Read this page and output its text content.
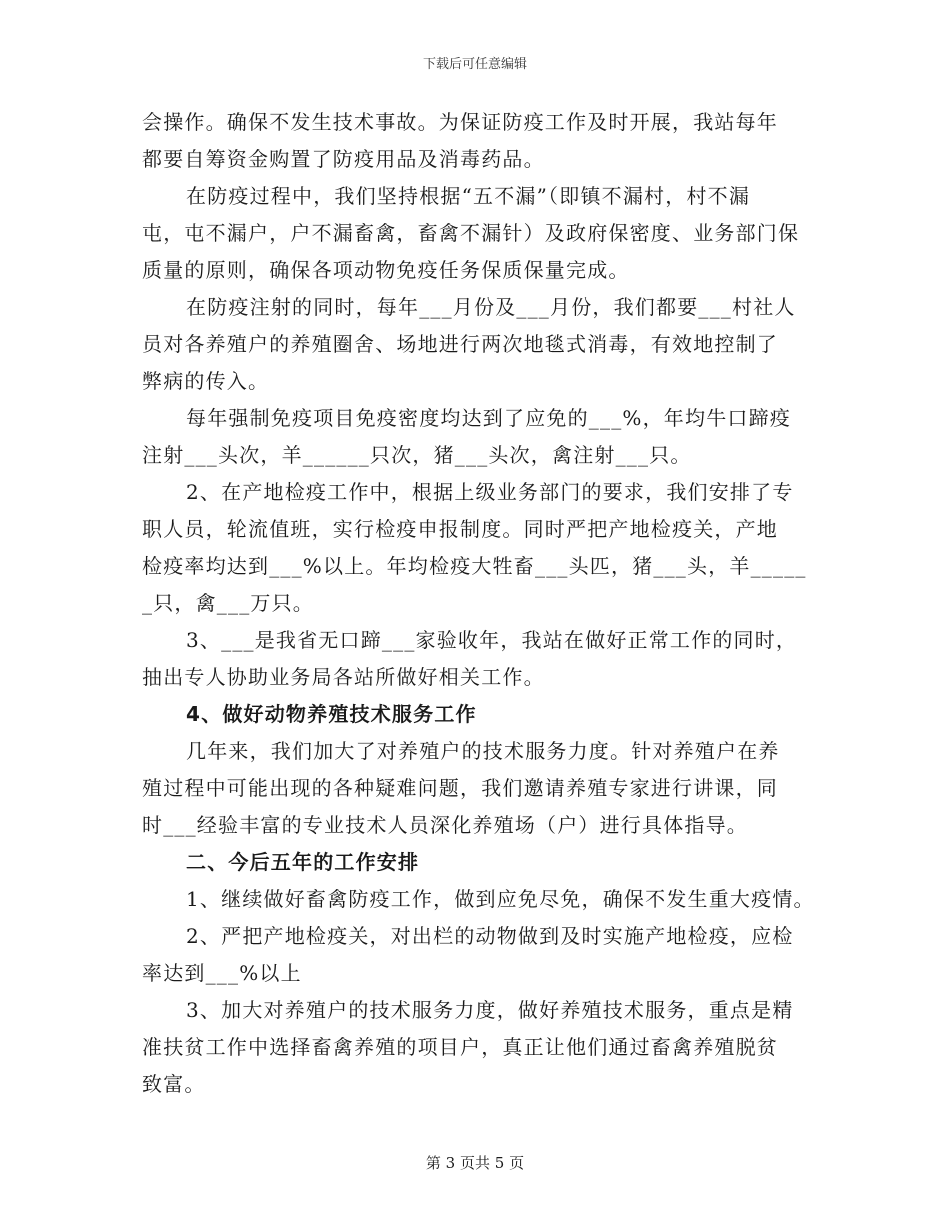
下载后可任意编辑
会操作。确保不发生技术事故。为保证防疫工作及时开展，我站每年
都要自筹资金购置了防疫用品及消毒药品。
在防疫过程中，我们坚持根据“五不漏”（即镇不漏村，村不漏
屯，屯不漏户，户不漏畜禽，畜禽不漏针）及政府保密度、业务部门保
质量的原则，确保各项动物免疫任务保质保量完成。
在防疫注射的同时，每年___月份及___月份，我们都要___村社人
员对各养殖户的养殖圈舍、场地进行两次地毯式消毒，有效地控制了
弊病的传入。
每年强制免疫项目免疫密度均达到了应免的___%，年均牛口蹄疫
注射___头次，羊______只次，猪___头次，禽注射___只。
2、在产地检疫工作中，根据上级业务部门的要求，我们安排了专
职人员，轮流值班，实行检疫申报制度。同时严把产地检疫关，产地
检疫率均达到___%以上。年均检疫大牲畜___头匹，猪___头，羊_____
_只，禽___万只。
3、___是我省无口蹄___家验收年，我站在做好正常工作的同时，
抽出专人协助业务局各站所做好相关工作。
4、做好动物养殖技术服务工作
几年来，我们加大了对养殖户的技术服务力度。针对养殖户在养
殖过程中可能出现的各种疑难问题，我们邀请养殖专家进行讲课，同
时___经验丰富的专业技术人员深化养殖场（户）进行具体指导。
二、今后五年的工作安排
1、继续做好畜禽防疫工作，做到应免尽免，确保不发生重大疫情。
2、严把产地检疫关，对出栏的动物做到及时实施产地检疫，应检
率达到___%以上
3、加大对养殖户的技术服务力度，做好养殖技术服务，重点是精
准扶贫工作中选择畜禽养殖的项目户，真正让他们通过畜禽养殖脱贫
致富。
第 3 页共 5 页
